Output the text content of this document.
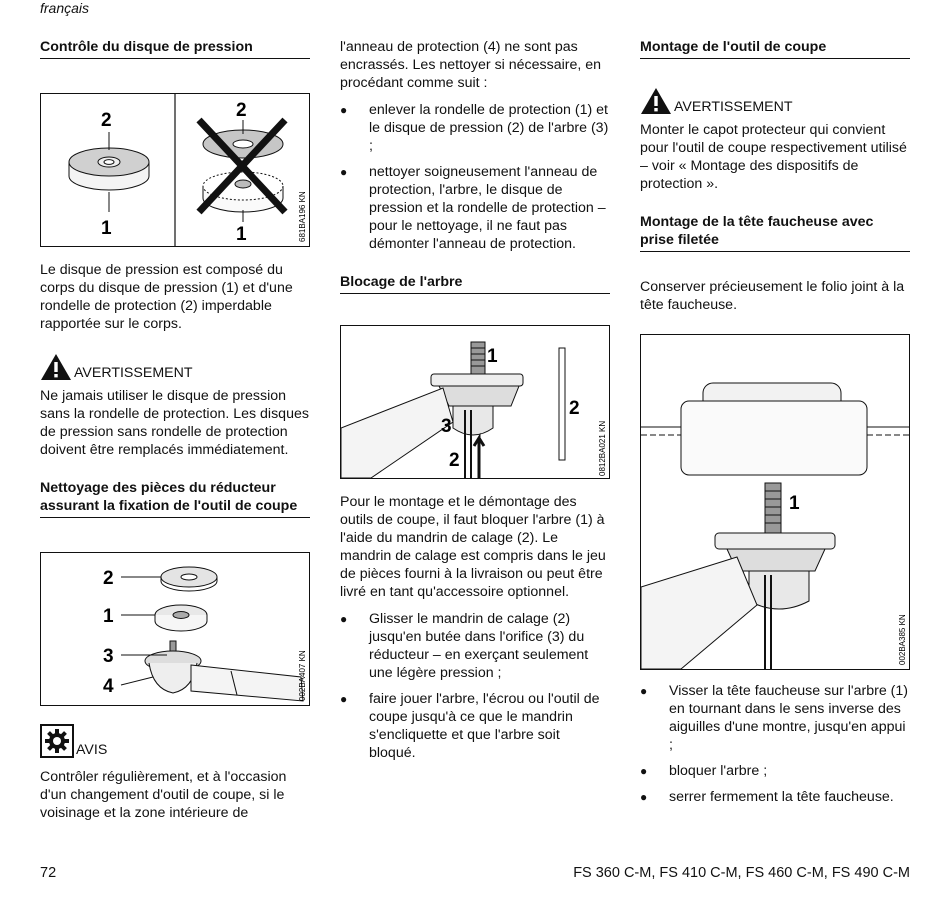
français
Contrôle du disque de pression
2
1
2
1	681BA196 KN

Le disque de pression est composé du corps du disque de pression (1) et d'une rondelle de protection (2) imperdable rapportée sur le corps.

AVERTISSEMENT

Ne jamais utiliser le disque de pression sans la rondelle de protection. Les disques de pression sans rondelle de protection doivent être remplacés immédiatement.

Nettoyage des pièces du réducteur assurant la fixation de l'outil de coupe
2
1
3
4	002BA407 KN
AVIS

Contrôler régulièrement, et à l'occasion d'un changement d'outil de coupe, si le voisinage et la zone intérieure de

l'anneau de protection (4) ne sont pas encrassés. Les nettoyer si nécessaire, en procédant comme suit :

● enlever la rondelle de protection (1) et le disque de pression (2) de l'arbre (3) ;
● nettoyer soigneusement l'anneau de protection, l'arbre, le disque de pression et la rondelle de protection – pour le nettoyage, il ne faut pas démonter l'anneau de protection.
Blocage de l'arbre
1
2
3
2	0812BA021 KN

Pour le montage et le démontage des outils de coupe, il faut bloquer l'arbre (1) à l'aide du mandrin de calage (2). Le mandrin de calage est compris dans le jeu de pièces fourni à la livraison ou peut être livré en tant qu'accessoire optionnel.

● Glisser le mandrin de calage (2) jusqu'en butée dans l'orifice (3) du réducteur – en exerçant seulement une légère pression ;
● faire jouer l'arbre, l'écrou ou l'outil de coupe jusqu'à ce que le mandrin s'encliquette et que l'arbre soit bloqué.
Montage de l'outil de coupe
AVERTISSEMENT

Monter le capot protecteur qui convient pour l'outil de coupe respectivement utilisé – voir « Montage des dispositifs de protection ».

Montage de la tête faucheuse avec prise filetée

Conserver précieusement le folio joint à la tête faucheuse.

1
002BA385 KN
● Visser la tête faucheuse sur l'arbre (1) en tournant dans le sens inverse des aiguilles d'une montre, jusqu'en appui ;
● bloquer l'arbre ;
● serrer fermement la tête faucheuse.
72	FS 360 C-M, FS 410 C-M, FS 460 C-M, FS 490 C-M
